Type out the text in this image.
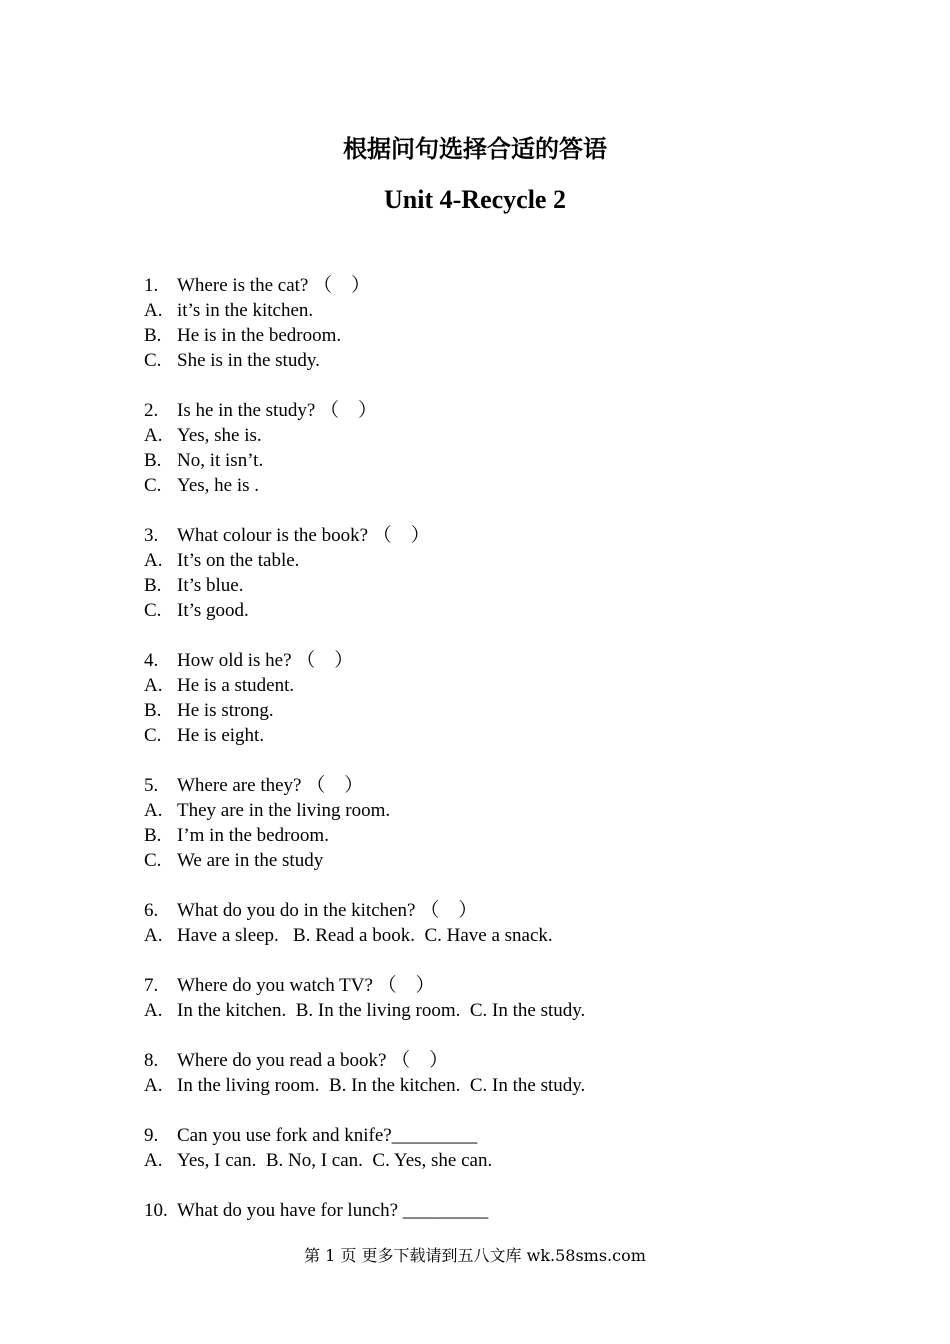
根据问句选择合适的答语
Unit 4-Recycle 2
1. Where is the cat? （    ）
A. it’s in the kitchen.
B. He is in the bedroom.
C. She is in the study.
2. Is he in the study? （    ）
A. Yes, she is.
B. No, it isn’t.
C. Yes, he is .
3. What colour is the book? （    ）
A. It’s on the table.
B. It’s blue.
C. It’s good.
4. How old is he? （    ）
A. He is a student.
B. He is strong.
C. He is eight.
5. Where are they? （    ）
A. They are in the living room.
B. I’m in the bedroom.
C. We are in the study
6. What do you do in the kitchen? （    ）
A. Have a sleep.   B. Read a book.  C. Have a snack.
7. Where do you watch TV? （    ）
A. In the kitchen.  B. In the living room.  C. In the study.
8. Where do you read a book? （    ）
A. In the living room.  B. In the kitchen.  C. In the study.
9. Can you use fork and knife?_________
A. Yes, I can.  B. No, I can.  C. Yes, she can.
10. What do you have for lunch? _________
第 1 页 更多下载请到五八文库 wk.58sms.com
